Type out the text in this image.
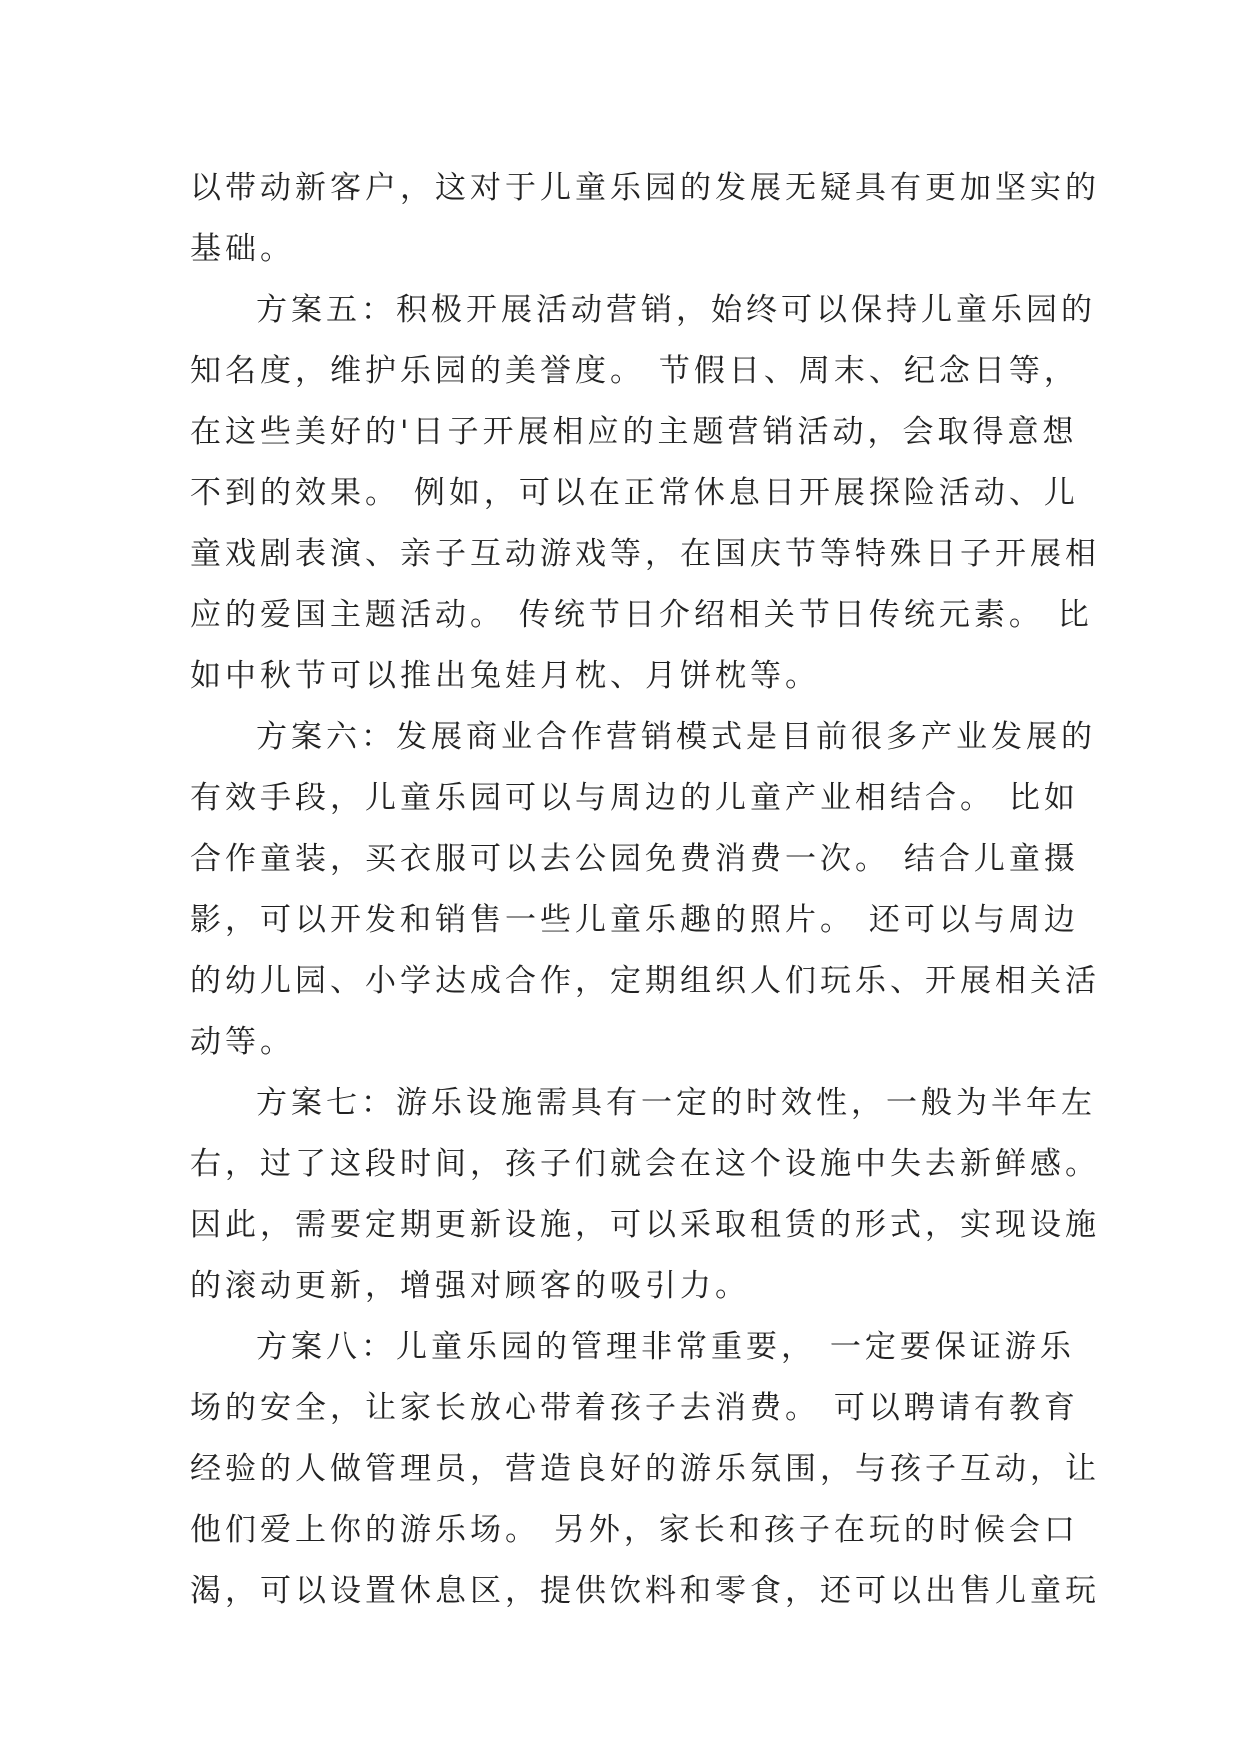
以带动新客户，这对于儿童乐园的发展无疑具有更加坚实的
基础。
方案五：积极开展活动营销，始终可以保持儿童乐园的
知名度，维护乐园的美誉度。 节假日、周末、纪念日等，
在这些美好的'日子开展相应的主题营销活动，会取得意想
不到的效果。 例如，可以在正常休息日开展探险活动、儿
童戏剧表演、亲子互动游戏等，在国庆节等特殊日子开展相
应的爱国主题活动。 传统节日介绍相关节日传统元素。 比
如中秋节可以推出兔娃月枕、月饼枕等。
方案六：发展商业合作营销模式是目前很多产业发展的
有效手段，儿童乐园可以与周边的儿童产业相结合。 比如
合作童装，买衣服可以去公园免费消费一次。 结合儿童摄
影，可以开发和销售一些儿童乐趣的照片。 还可以与周边
的幼儿园、小学达成合作，定期组织人们玩乐、开展相关活
动等。
方案七：游乐设施需具有一定的时效性，一般为半年左
右，过了这段时间，孩子们就会在这个设施中失去新鲜感。
因此，需要定期更新设施，可以采取租赁的形式，实现设施
的滚动更新，增强对顾客的吸引力。
方案八：儿童乐园的管理非常重要， 一定要保证游乐
场的安全，让家长放心带着孩子去消费。 可以聘请有教育
经验的人做管理员，营造良好的游乐氛围，与孩子互动，让
他们爱上你的游乐场。 另外，家长和孩子在玩的时候会口
渴，可以设置休息区，提供饮料和零食，还可以出售儿童玩
